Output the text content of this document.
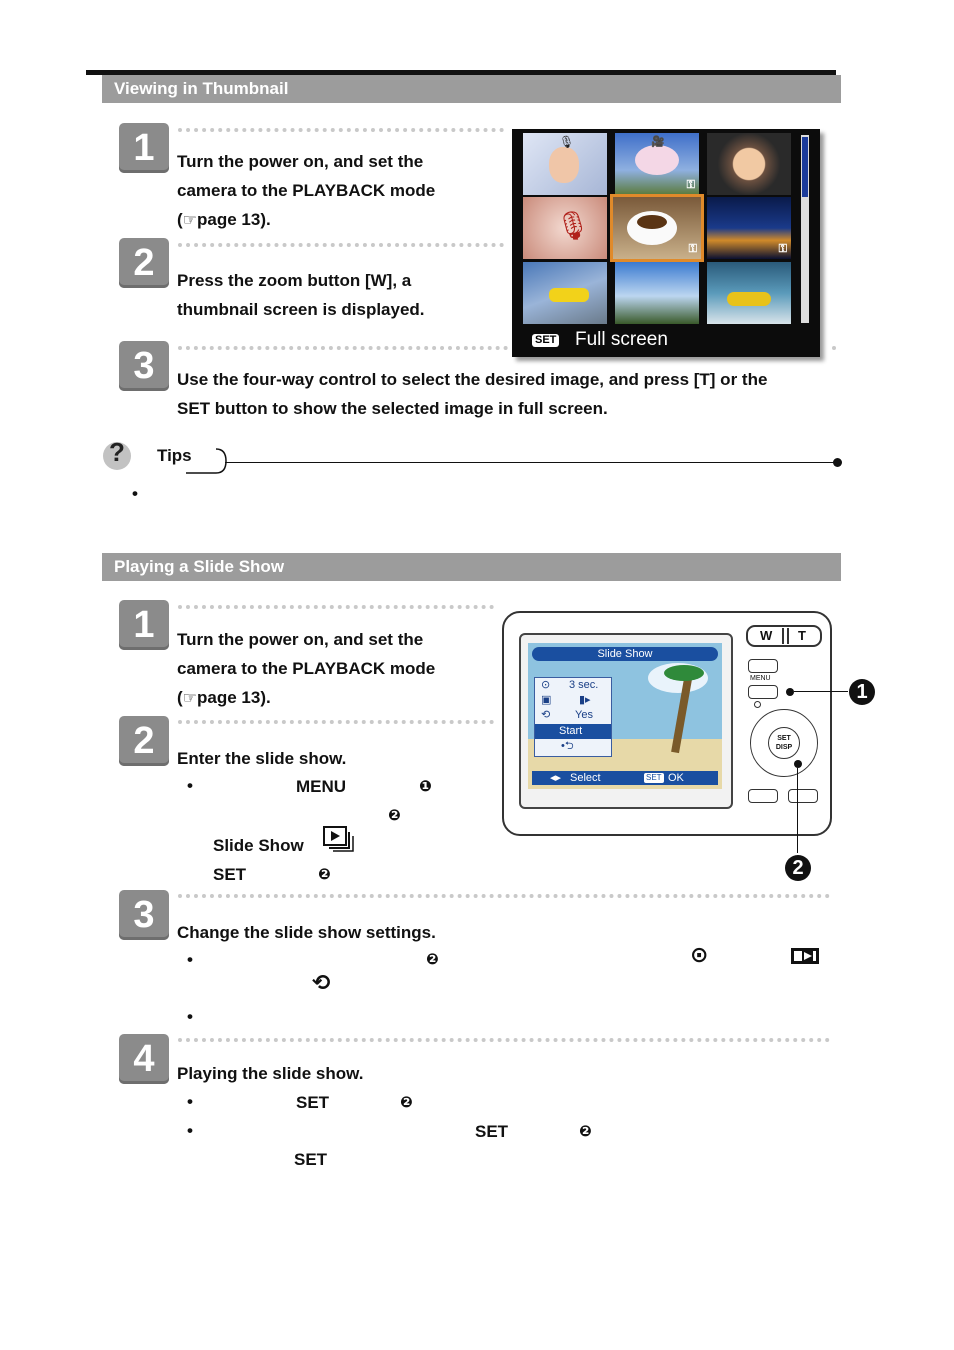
Viewing in Thumbnail
1	Turn the power on, and set the
camera to the PLAYBACK mode
(☞page 13).
2	Press the zoom button [W], a
thumbnail screen is displayed.
3	Use the four-way control to select the desired image, and press [T] or the
SET button to show the selected image in full screen.
🎙	🎥
⚿
🎙
⚿	⚿
SET Full screen
?	Tips
•
Playing a Slide Show
1	Turn the power on, and set the
camera to the PLAYBACK mode
(☞page 13).
2	Enter the slide show.
•	MENU	❶
❷
Slide Show
SET	❷
Slide Show
⊙ 3 sec.
▣	▮▸
⟲ Yes
Start
•⮌
◂▸ Select	SET OK
W T
MENU
SET
DISP
1
2
3	Change the slide show settings.
•	❷	⊙
⟲
•
4	Playing the slide show.
•	SET	❷
•	SET	❷
SET
